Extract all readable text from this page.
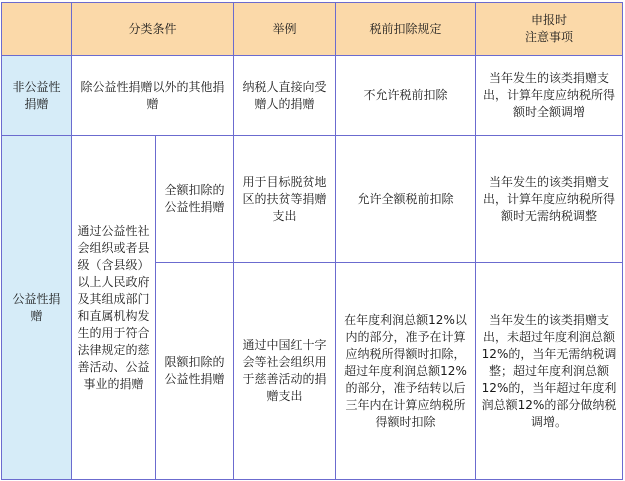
	分类条件		举例	税前扣除规定	申报时
注意事项

非公益性捐赠	除公益性捐赠以外的其他捐赠		纳税人直接向受赠人的捐赠	不允许税前扣除	当年发生的该类捐赠支出，计算年度应纳税所得额时全额调增
公益性捐赠	通过公益性社会组织或者县级（含县级）以上人民政府及其组成部门和直属机构发生的用于符合法律规定的慈善活动、公益事业的捐赠	全额扣除的公益性捐赠	用于目标脱贫地区的扶贫等捐赠支出	允许全额税前扣除	当年发生的该类捐赠支出，计算年度应纳税所得额时无需纳税调整
		限额扣除的公益性捐赠	通过中国红十字会等社会组织用于慈善活动的捐赠支出	在年度利润总额12%以内的部分，准予在计算应纳税所得额时扣除，超过年度利润总额12%的部分，准予结转以后三年内在计算应纳税所得额时扣除	当年发生的该类捐赠支出，未超过年度利润总额12%的，当年无需纳税调整；超过年度利润总额12%的，当年超过年度利润总额12%的部分做纳税调增。
